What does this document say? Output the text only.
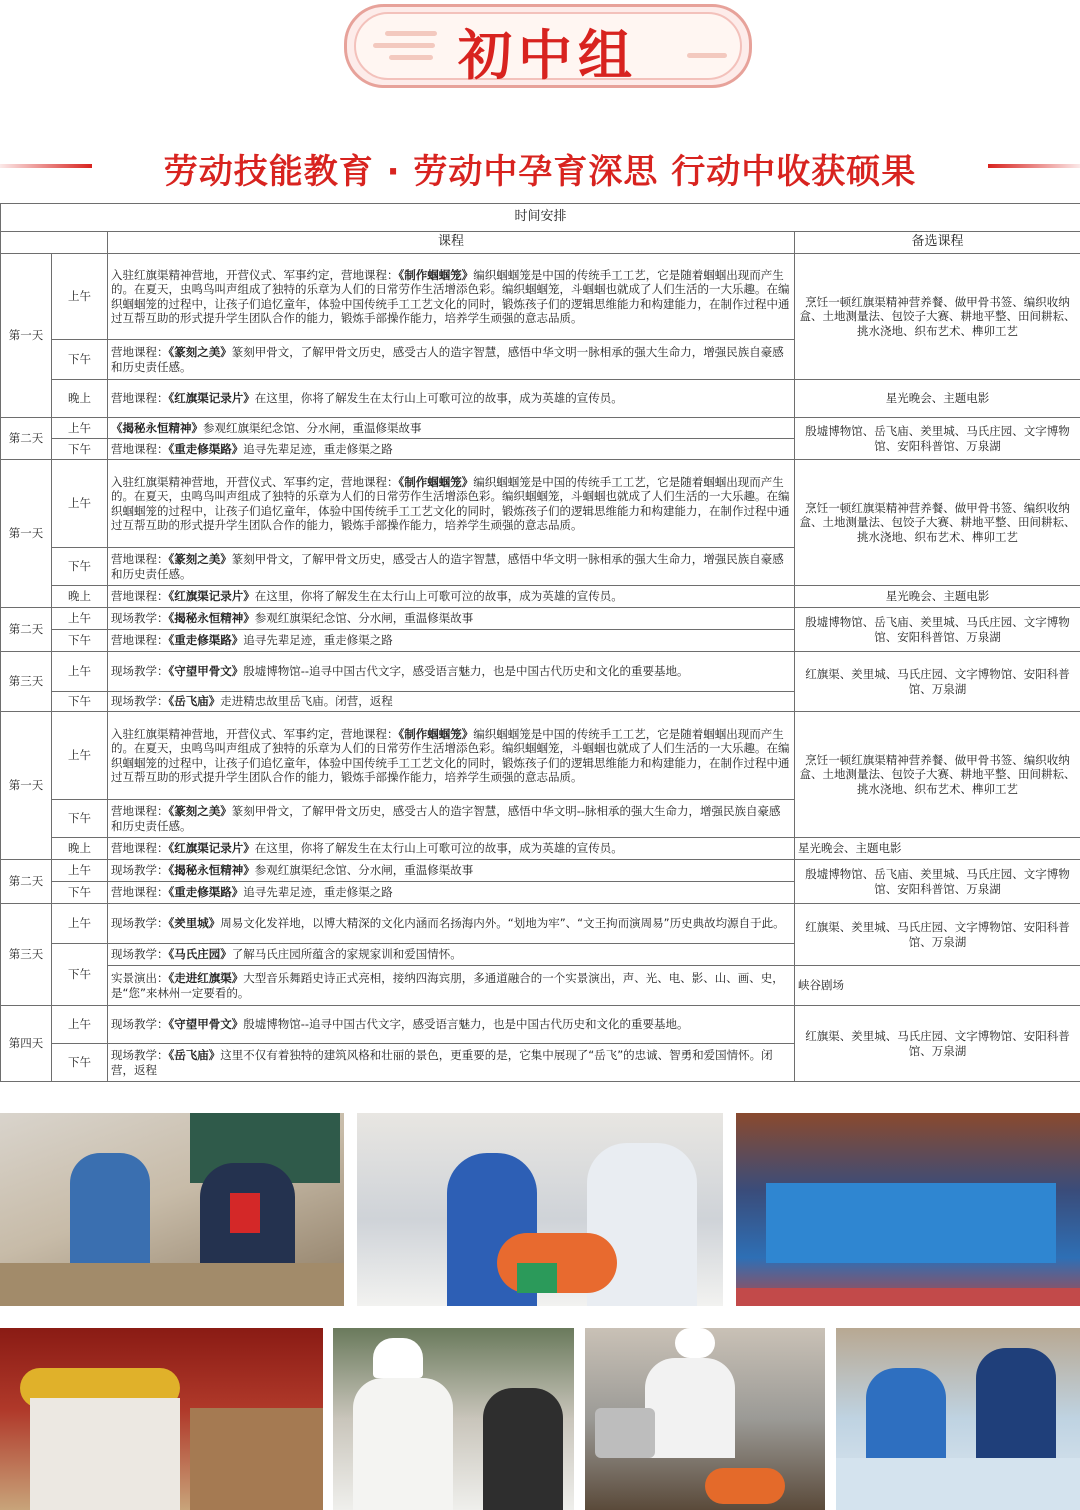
初中组
劳动技能教育 · 劳动中孕育深思 行动中收获硕果
时间安排			
		课程	备选课程
第一天	上午	入驻红旗渠精神营地，开营仪式、军事约定，营地课程：《制作蝈蝈笼》编织蝈蝈笼是中国的传统手工工艺，它是随着蝈蝈出现而产生的。在夏天，虫鸣鸟叫声组成了独特的乐章为人们的日常劳作生活增添色彩。编织蝈蝈笼，斗蝈蝈也就成了人们生活的一大乐趣。在编织蝈蝈笼的过程中，让孩子们追忆童年，体验中国传统手工工艺文化的同时，锻炼孩子们的逻辑思维能力和构建能力，在制作过程中通过互帮互助的形式提升学生团队合作的能力，锻炼手部操作能力，培养学生顽强的意志品质。	烹饪一顿红旗渠精神营养餐、做甲骨书签、编织收纳盒、土地测量法、包饺子大赛、耕地平整、田间耕耘、挑水浇地、织布艺术、榫卯工艺
	下午	营地课程：《篆刻之美》篆刻甲骨文，了解甲骨文历史，感受古人的造字智慧，感悟中华文明一脉相承的强大生命力，增强民族自豪感和历史责任感。	
	晚上	营地课程：《红旗渠记录片》在这里，你将了解发生在太行山上可歌可泣的故事，成为英雄的宣传员。	星光晚会、主题电影
第二天	上午	《揭秘永恒精神》参观红旗渠纪念馆、分水闸，重温修渠故事	殷墟博物馆、岳飞庙、羑里城、马氏庄园、文字博物馆、安阳科普馆、万泉湖
	下午	营地课程：《重走修渠路》追寻先辈足迹，重走修渠之路	
第一天	上午	入驻红旗渠精神营地，开营仪式、军事约定，营地课程：《制作蝈蝈笼》编织蝈蝈笼是中国的传统手工工艺，它是随着蝈蝈出现而产生的。在夏天，虫鸣鸟叫声组成了独特的乐章为人们的日常劳作生活增添色彩。编织蝈蝈笼，斗蝈蝈也就成了人们生活的一大乐趣。在编织蝈蝈笼的过程中，让孩子们追忆童年，体验中国传统手工工艺文化的同时，锻炼孩子们的逻辑思维能力和构建能力，在制作过程中通过互帮互助的形式提升学生团队合作的能力，锻炼手部操作能力，培养学生顽强的意志品质。	烹饪一顿红旗渠精神营养餐、做甲骨书签、编织收纳盒、土地测量法、包饺子大赛、耕地平整、田间耕耘、挑水浇地、织布艺术、榫卯工艺
	下午	营地课程：《篆刻之美》篆刻甲骨文，了解甲骨文历史，感受古人的造字智慧，感悟中华文明一脉相承的强大生命力，增强民族自豪感和历史责任感。	
	晚上	营地课程：《红旗渠记录片》在这里，你将了解发生在太行山上可歌可泣的故事，成为英雄的宣传员。	星光晚会、主题电影
第二天	上午	现场教学：《揭秘永恒精神》参观红旗渠纪念馆、分水闸，重温修渠故事	殷墟博物馆、岳飞庙、羑里城、马氏庄园、文字博物馆、安阳科普馆、万泉湖
	下午	营地课程：《重走修渠路》追寻先辈足迹，重走修渠之路	
第三天	上午	现场教学：《守望甲骨文》殷墟博物馆--追寻中国古代文字，感受语言魅力，也是中国古代历史和文化的重要基地。	红旗渠、羑里城、马氏庄园、文字博物馆、安阳科普馆、万泉湖
	下午	现场教学：《岳飞庙》走进精忠故里岳飞庙。闭营，返程	
第一天	上午	入驻红旗渠精神营地，开营仪式、军事约定，营地课程：《制作蝈蝈笼》编织蝈蝈笼是中国的传统手工工艺，它是随着蝈蝈出现而产生的。在夏天，虫鸣鸟叫声组成了独特的乐章为人们的日常劳作生活增添色彩。编织蝈蝈笼，斗蝈蝈也就成了人们生活的一大乐趣。在编织蝈蝈笼的过程中，让孩子们追忆童年，体验中国传统手工工艺文化的同时，锻炼孩子们的逻辑思维能力和构建能力，在制作过程中通过互帮互助的形式提升学生团队合作的能力，锻炼手部操作能力，培养学生顽强的意志品质。	烹饪一顿红旗渠精神营养餐、做甲骨书签、编织收纳盒、土地测量法、包饺子大赛、耕地平整、田间耕耘、挑水浇地、织布艺术、榫卯工艺
	下午	营地课程：《篆刻之美》篆刻甲骨文，了解甲骨文历史，感受古人的造字智慧，感悟中华文明--脉相承的强大生命力，增强民族自豪感和历史责任感。	
	晚上	营地课程：《红旗渠记录片》在这里，你将了解发生在太行山上可歌可泣的故事，成为英雄的宣传员。	星光晚会、主题电影
第二天	上午	现场教学：《揭秘永恒精神》参观红旗渠纪念馆、分水闸，重温修渠故事	殷墟博物馆、岳飞庙、羑里城、马氏庄园、文字博物馆、安阳科普馆、万泉湖
	下午	营地课程：《重走修渠路》追寻先辈足迹，重走修渠之路	
第三天	上午	现场教学：《羑里城》周易文化发祥地，以博大精深的文化内涵而名扬海内外。“划地为牢”、“文王拘而演周易”历史典故均源自于此。	红旗渠、羑里城、马氏庄园、文字博物馆、安阳科普馆、万泉湖
	下午	现场教学：《马氏庄园》了解马氏庄园所蕴含的家规家训和爱国情怀。	
		实景演出：《走进红旗渠》大型音乐舞蹈史诗正式亮相，接纳四海宾朋，多通道融合的一个实景演出，声、光、电、影、山、画、史，是“您”来林州一定要看的。	峡谷剧场
第四天	上午	现场教学：《守望甲骨文》殷墟博物馆--追寻中国古代文字，感受语言魅力，也是中国古代历史和文化的重要基地。	红旗渠、羑里城、马氏庄园、文字博物馆、安阳科普馆、万泉湖
	下午	现场教学：《岳飞庙》这里不仅有着独特的建筑风格和壮丽的景色，更重要的是，它集中展现了“岳飞”的忠诚、智勇和爱国情怀。闭营，返程	
